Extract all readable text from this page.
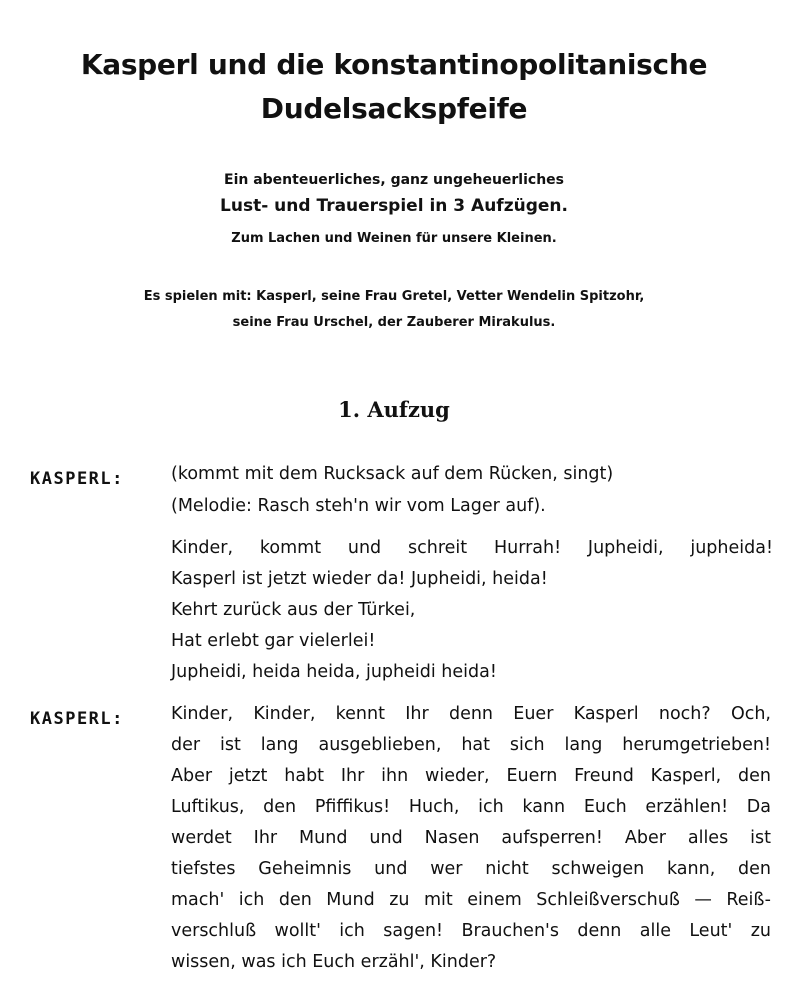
Kasperl und die konstantinopolitanische
Dudelsackspfeife
Ein abenteuerliches, ganz ungeheuerliches
Lust- und Trauerspiel in 3 Aufzügen.
Zum Lachen und Weinen für unsere Kleinen.
Es spielen mit: Kasperl, seine Frau Gretel, Vetter Wendelin Spitzohr,
seine Frau Urschel, der Zauberer Mirakulus.
1. Aufzug
KASPERL:	(kommt mit dem Rucksack auf dem Rücken, singt)
(Melodie: Rasch steh'n wir vom Lager auf).
Kinder, kommt und schreit Hurrah! Jupheidi, jupheida!
Kasperl ist jetzt wieder da! Jupheidi, heida!
Kehrt zurück aus der Türkei,
Hat erlebt gar vielerlei!
Jupheidi, heida heida, jupheidi heida!
KASPERL:	Kinder, Kinder, kennt Ihr denn Euer Kasperl noch? Och,
der ist lang ausgeblieben, hat sich lang herumgetrieben!
Aber jetzt habt Ihr ihn wieder, Euern Freund Kasperl, den
Luftikus, den Pfiffikus! Huch, ich kann Euch erzählen! Da
werdet Ihr Mund und Nasen aufsperren! Aber alles ist
tiefstes Geheimnis und wer nicht schweigen kann, den
mach' ich den Mund zu mit einem Schleißverschuß — Reiß-
verschluß wollt' ich sagen! Brauchen's denn alle Leut' zu
wissen, was ich Euch erzähl', Kinder?
